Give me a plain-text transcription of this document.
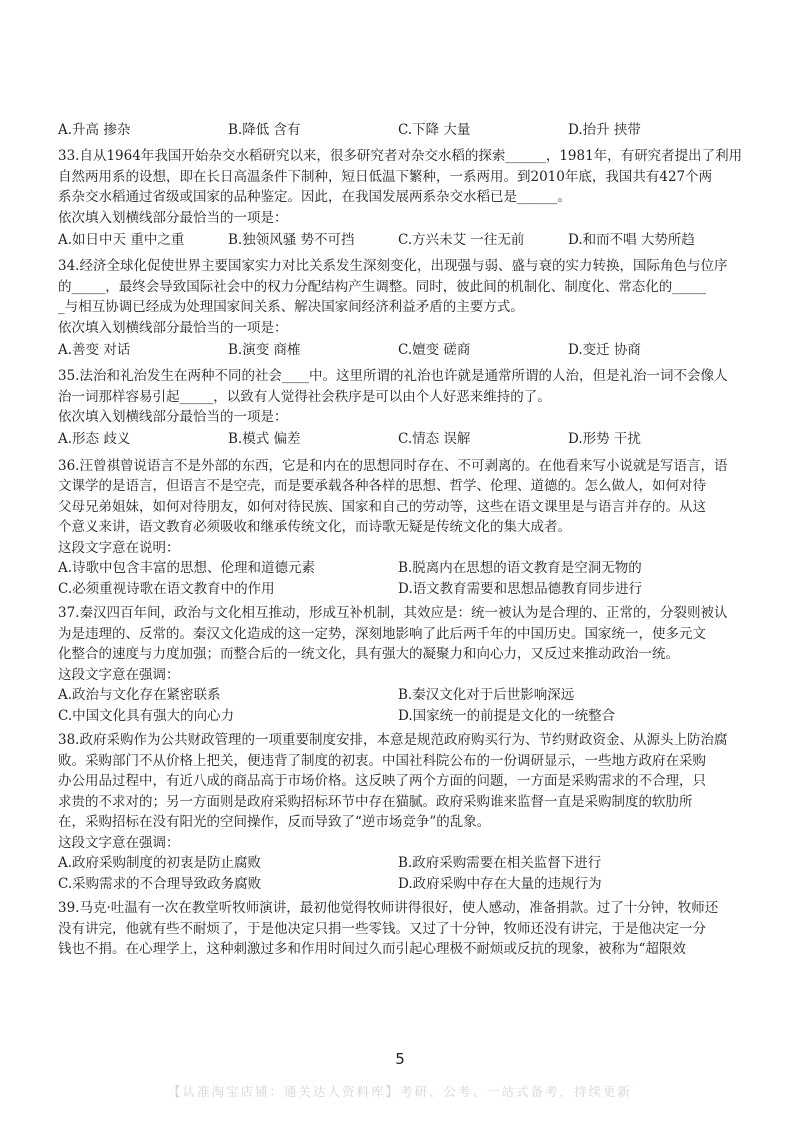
A.升高 掺杂	B.降低 含有	C.下降 大量	D.抬升 挟带
33.自从1964年我国开始杂交水稻研究以来，很多研究者对杂交水稻的探索______，1981年，有研究者提出了利用
自然两用系的设想，即在长日高温条件下制种，短日低温下繁种，一系两用。到2010年底，我国共有427个两
系杂交水稻通过省级或国家的品种鉴定。因此，在我国发展两系杂交水稻已是______。
依次填入划横线部分最恰当的一项是：
A.如日中天 重中之重	B.独领风骚 势不可挡	C.方兴未艾 一往无前	D.和而不唱 大势所趋
34.经济全球化促使世界主要国家实力对比关系发生深刻变化，出现强与弱、盛与衰的实力转换，国际角色与位序
的_____，最终会导致国际社会中的权力分配结构产生调整。同时，彼此间的机制化、制度化、常态化的_____
_与相互协调已经成为处理国家间关系、解决国家间经济利益矛盾的主要方式。
依次填入划横线部分最恰当的一项是：
A.善变 对话	B.演变 商榷	C.嬗变 磋商	D.变迁 协商
35.法治和礼治发生在两种不同的社会____中。这里所谓的礼治也许就是通常所谓的人治，但是礼治一词不会像人
治一词那样容易引起_____，以致有人觉得社会秩序是可以由个人好恶来维持的了。
依次填入划横线部分最恰当的一项是：
A.形态 歧义	B.模式 偏差	C.情态 误解	D.形势 干扰
36.汪曾祺曾说语言不是外部的东西，它是和内在的思想同时存在、不可剥离的。在他看来写小说就是写语言，语
文课学的是语言，但语言不是空壳，而是要承载各种各样的思想、哲学、伦理、道德的。怎么做人，如何对待
父母兄弟姐妹，如何对待朋友，如何对待民族、国家和自己的劳动等，这些在语文课里是与语言并存的。从这
个意义来讲，语文教育必须吸收和继承传统文化，而诗歌无疑是传统文化的集大成者。
这段文字意在说明：
A.诗歌中包含丰富的思想、伦理和道德元素	B.脱离内在思想的语文教育是空洞无物的
C.必须重视诗歌在语文教育中的作用	D.语文教育需要和思想品德教育同步进行
37.秦汉四百年间，政治与文化相互推动，形成互补机制，其效应是：统一被认为是合理的、正常的，分裂则被认
为是违理的、反常的。秦汉文化造成的这一定势，深刻地影响了此后两千年的中国历史。国家统一，使多元文
化整合的速度与力度加强；而整合后的一统文化，具有强大的凝聚力和向心力，又反过来推动政治一统。
这段文字意在强调：
A.政治与文化存在紧密联系	B.秦汉文化对于后世影响深远
C.中国文化具有强大的向心力	D.国家统一的前提是文化的一统整合
38.政府采购作为公共财政管理的一项重要制度安排，本意是规范政府购买行为、节约财政资金、从源头上防治腐
败。采购部门不从价格上把关，便违背了制度的初衷。中国社科院公布的一份调研显示，一些地方政府在采购
办公用品过程中，有近八成的商品高于市场价格。这反映了两个方面的问题，一方面是采购需求的不合理，只
求贵的不求对的；另一方面则是政府采购招标环节中存在猫腻。政府采购谁来监督一直是采购制度的软肋所
在，采购招标在没有阳光的空间操作，反而导致了“逆市场竞争”的乱象。
这段文字意在强调：
A.政府采购制度的初衷是防止腐败	B.政府采购需要在相关监督下进行
C.采购需求的不合理导致政务腐败	D.政府采购中存在大量的违规行为
39.马克·吐温有一次在教堂听牧师演讲，最初他觉得牧师讲得很好，使人感动，准备捐款。过了十分钟，牧师还
没有讲完，他就有些不耐烦了，于是他决定只捐一些零钱。又过了十分钟，牧师还没有讲完，于是他决定一分
钱也不捐。在心理学上，这种刺激过多和作用时间过久而引起心理极不耐烦或反抗的现象，被称为“超限效
5
【认准淘宝店铺：通关达人资料库】考研、公考、一站式备考，持续更新
